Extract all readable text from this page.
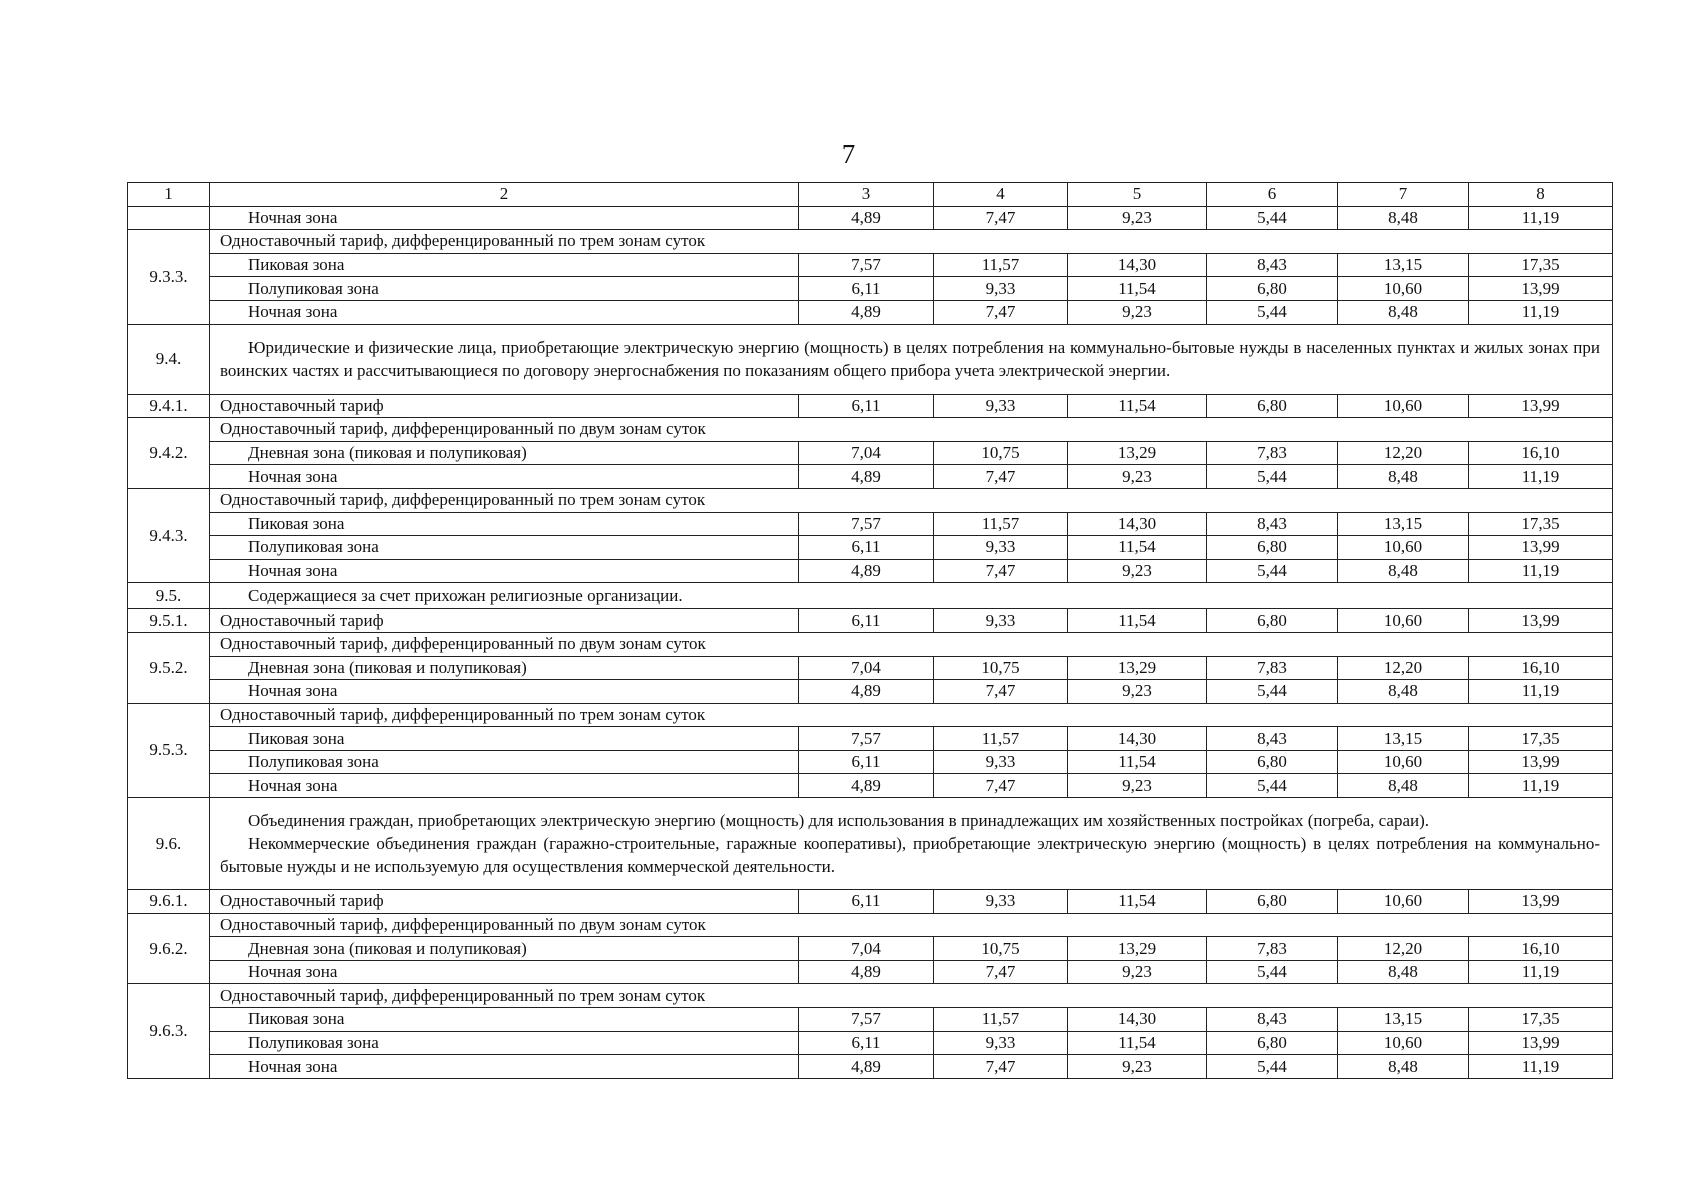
7
1	2	3	4	5	6	7	8
	Ночная зона	4,89	7,47	9,23	5,44	8,48	11,19
9.3.3.	Одноставочный тариф, дифференцированный по трем зонам суток						
	Пиковая зона	7,57	11,57	14,30	8,43	13,15	17,35
	Полупиковая зона	6,11	9,33	11,54	6,80	10,60	13,99
	Ночная зона	4,89	7,47	9,23	5,44	8,48	11,19
9.4.	Юридические и физические лица, приобретающие электрическую энергию (мощность) в целях потребления на коммунально-бытовые нужды в населенных пунктах и жилых зонах при воинских частях и рассчитывающиеся по договору энергоснабжения по показаниям общего прибора учета электрической энергии.						

9.4.1.	Одноставочный тариф	6,11	9,33	11,54	6,80	10,60	13,99
9.4.2.	Одноставочный тариф, дифференцированный по двум зонам суток						
	Дневная зона (пиковая и полупиковая)	7,04	10,75	13,29	7,83	12,20	16,10
	Ночная зона	4,89	7,47	9,23	5,44	8,48	11,19
9.4.3.	Одноставочный тариф, дифференцированный по трем зонам суток						
	Пиковая зона	7,57	11,57	14,30	8,43	13,15	17,35
	Полупиковая зона	6,11	9,33	11,54	6,80	10,60	13,99
	Ночная зона	4,89	7,47	9,23	5,44	8,48	11,19
9.5.	Содержащиеся за счет прихожан религиозные организации.						

9.5.1.	Одноставочный тариф	6,11	9,33	11,54	6,80	10,60	13,99
9.5.2.	Одноставочный тариф, дифференцированный по двум зонам суток						
	Дневная зона (пиковая и полупиковая)	7,04	10,75	13,29	7,83	12,20	16,10
	Ночная зона	4,89	7,47	9,23	5,44	8,48	11,19
9.5.3.	Одноставочный тариф, дифференцированный по трем зонам суток						
	Пиковая зона	7,57	11,57	14,30	8,43	13,15	17,35
	Полупиковая зона	6,11	9,33	11,54	6,80	10,60	13,99
	Ночная зона	4,89	7,47	9,23	5,44	8,48	11,19
9.6.	Объединения граждан, приобретающих электрическую энергию (мощность) для использования в принадлежащих им хозяйственных постройках (погреба, сараи).

Некоммерческие объединения граждан (гаражно-строительные, гаражные кооперативы), приобретающие электрическую энергию (мощность) в целях потребления на коммунально-бытовые нужды и не используемую для осуществления коммерческой деятельности.						

9.6.1.	Одноставочный тариф	6,11	9,33	11,54	6,80	10,60	13,99
9.6.2.	Одноставочный тариф, дифференцированный по двум зонам суток						
	Дневная зона (пиковая и полупиковая)	7,04	10,75	13,29	7,83	12,20	16,10
	Ночная зона	4,89	7,47	9,23	5,44	8,48	11,19
9.6.3.	Одноставочный тариф, дифференцированный по трем зонам суток						
	Пиковая зона	7,57	11,57	14,30	8,43	13,15	17,35
	Полупиковая зона	6,11	9,33	11,54	6,80	10,60	13,99
	Ночная зона	4,89	7,47	9,23	5,44	8,48	11,19
